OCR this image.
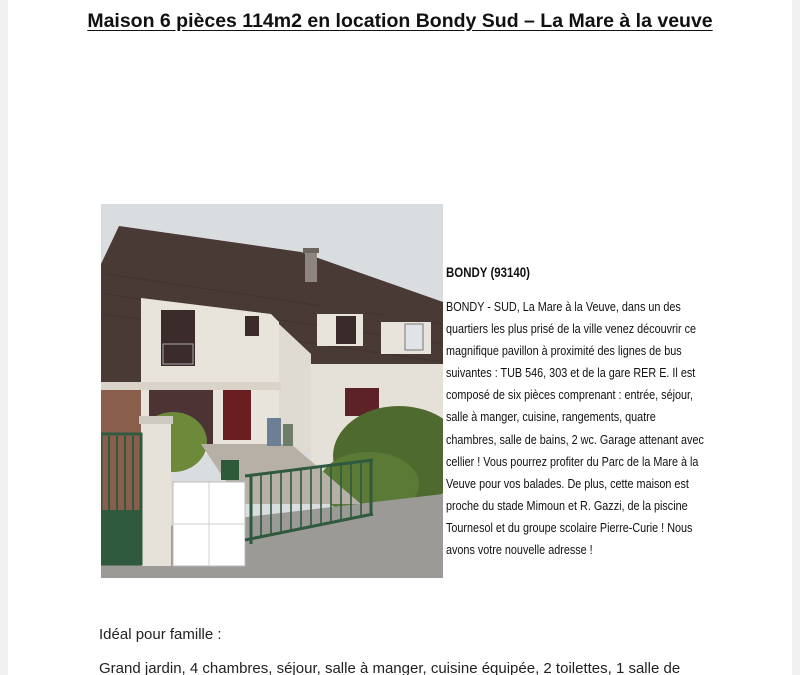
Maison 6 pièces 114m2 en location Bondy Sud – La Mare à la veuve
BONDY (93140)

BONDY - SUD, La Mare à la Veuve, dans un des quartiers les plus prisé de la ville venez découvrir ce magnifique pavillon à proximité des lignes de bus suivantes : TUB 546, 303 et de la gare RER E. Il est composé de six pièces comprenant : entrée, séjour, salle à manger, cuisine, rangements, quatre chambres, salle de bains, 2 wc. Garage attenant avec cellier ! Vous pourrez profiter du Parc de la Mare à la Veuve pour vos balades. De plus, cette maison est proche du stade Mimoun et R. Gazzi, de la piscine Tournesol et du groupe scolaire Pierre-Curie ! Nous avons votre nouvelle adresse !

Idéal pour famille :
Grand jardin, 4 chambres, séjour, salle à manger, cuisine équipée, 2 toilettes, 1 salle de
